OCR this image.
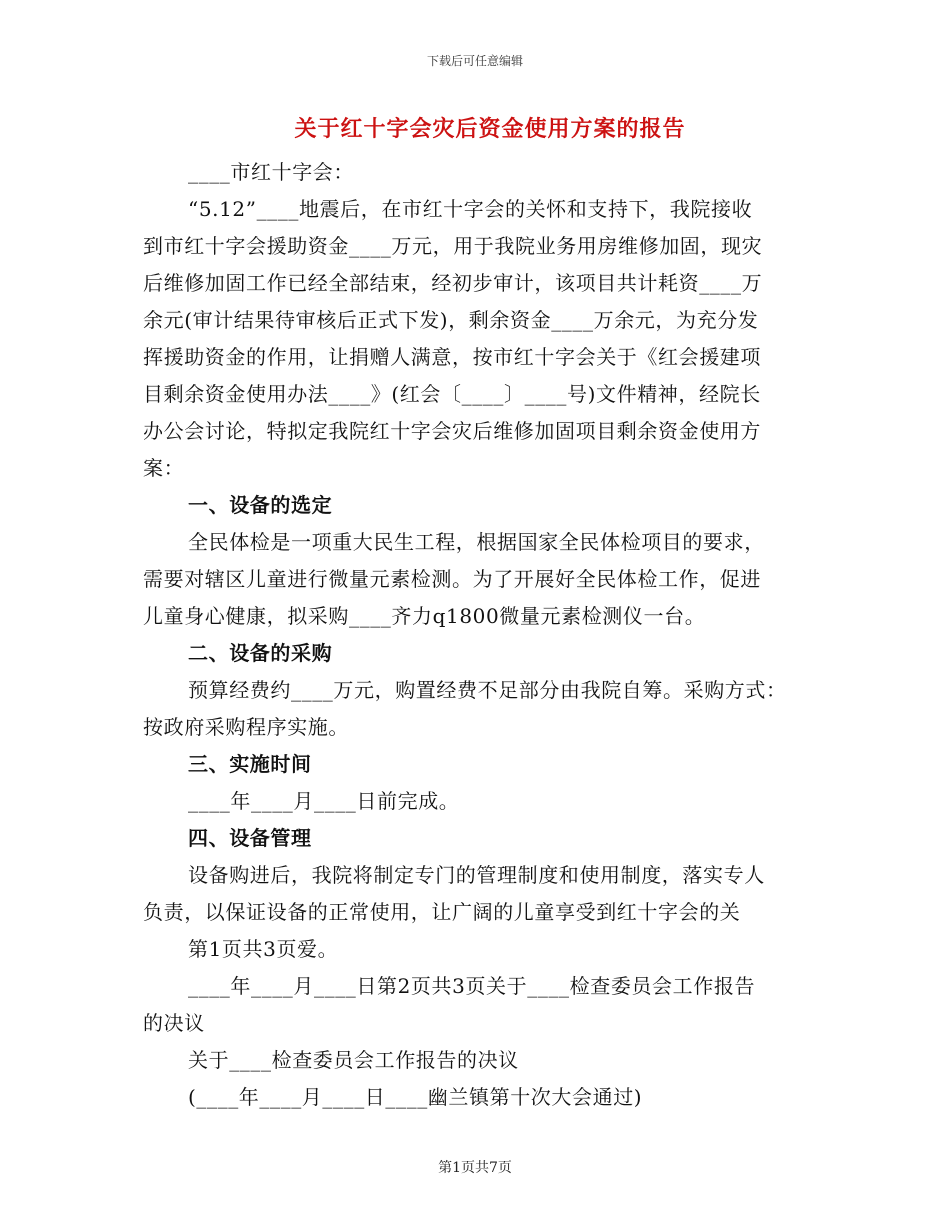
下载后可任意编辑
关于红十字会灾后资金使用方案的报告
____市红十字会：
“5.12”____地震后，在市红十字会的关怀和支持下，我院接收
到市红十字会援助资金____万元，用于我院业务用房维修加固，现灾
后维修加固工作已经全部结束，经初步审计，该项目共计耗资____万
余元(审计结果待审核后正式下发)，剩余资金____万余元，为充分发
挥援助资金的作用，让捐赠人满意，按市红十字会关于《红会援建项
目剩余资金使用办法____》(红会〔____〕____号)文件精神，经院长
办公会讨论，特拟定我院红十字会灾后维修加固项目剩余资金使用方
案：
一、设备的选定
全民体检是一项重大民生工程，根据国家全民体检项目的要求，
需要对辖区儿童进行微量元素检测。为了开展好全民体检工作，促进
儿童身心健康，拟采购____齐力q1800微量元素检测仪一台。
二、设备的采购
预算经费约____万元，购置经费不足部分由我院自筹。采购方式：
按政府采购程序实施。
三、实施时间
____年____月____日前完成。
四、设备管理
设备购进后，我院将制定专门的管理制度和使用制度，落实专人
负责，以保证设备的正常使用，让广阔的儿童享受到红十字会的关
第1页共3页爱。
____年____月____日第2页共3页关于____检查委员会工作报告
的决议
关于____检查委员会工作报告的决议
(____年____月____日____幽兰镇第十次大会通过)
第1页共7页
